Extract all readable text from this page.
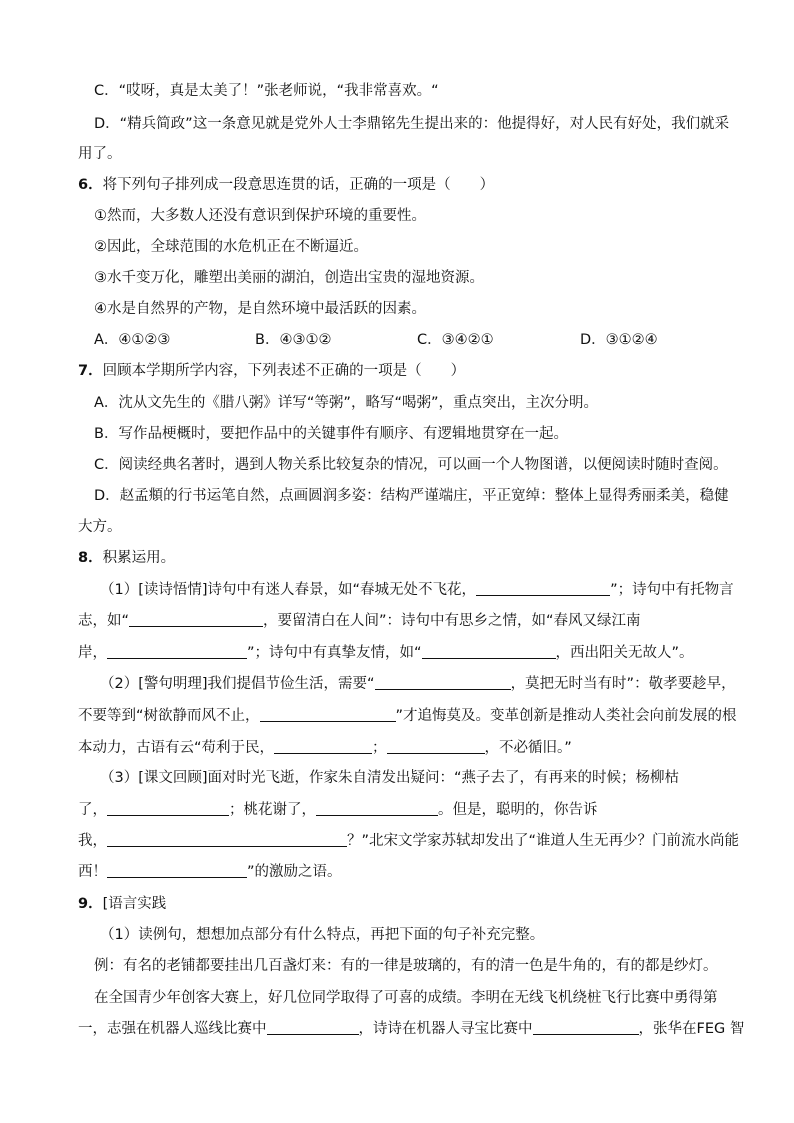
C．“哎呀，真是太美了！”张老师说，“我非常喜欢。“
D．“精兵简政”这一条意见就是党外人士李鼎铭先生提出来的：他提得好，对人民有好处，我们就采
用了。
6．将下列句子排列成一段意思连贯的话，正确的一项是（　　）
①然而，大多数人还没有意识到保护环境的重要性。
②因此，全球范围的水危机正在不断逼近。
③水千变万化，雕塑出美丽的湖泊，创造出宝贵的湿地资源。
④水是自然界的产物，是自然环境中最活跃的因素。
A．④①②③	B．④③①②	C．③④②①	D．③①②④
7．回顾本学期所学内容，下列表述不正确的一项是（　　）
A．沈从文先生的《腊八粥》详写“等粥”，略写“喝粥”，重点突出，主次分明。
B．写作品梗概时，要把作品中的关键事件有顺序、有逻辑地贯穿在一起。
C．阅读经典名著时，遇到人物关系比较复杂的情况，可以画一个人物图谱，以便阅读时随时查阅。
D．赵孟頫的行书运笔自然，点画圆润多姿：结构严谨端庄，平正宽绰：整体上显得秀丽柔美，稳健
大方。
8．积累运用。
（1）[读诗悟情]诗句中有迷人春景，如“春城无处不飞花，	”；诗句中有托物言
志，如“	，要留清白在人间”：诗句中有思乡之情，如“春风又绿江南
岸，	”；诗句中有真挚友情，如“	，西出阳关无故人”。
（2）[警句明理]我们提倡节俭生活，需要“	，莫把无时当有时”：敬孝要趁早，
不要等到“树欲静而风不止，	”才追悔莫及。变革创新是推动人类社会向前发展的根
本动力，古语有云“苟利于民，	；	，不必循旧。”
（3）[课文回顾]面对时光飞逝，作家朱自清发出疑问：“燕子去了，有再来的时候；杨柳枯
了，	；桃花谢了，	。但是，聪明的，你告诉
我，	？”北宋文学家苏轼却发出了“谁道人生无再少？门前流水尚能
西！	”的激励之语。
9．[语言实践
（1）读例句，想想加点部分有什么特点，再把下面的句子补充完整。
例：有名的老铺都要挂出几百盏灯来：有的一律是玻璃的，有的清一色是牛角的，有的都是纱灯。
在全国青少年创客大赛上，好几位同学取得了可喜的成绩。李明在无线飞机绕桩飞行比赛中勇得第
一，志强在机器人巡线比赛中	，诗诗在机器人寻宝比赛中	，张华在FEG 智
